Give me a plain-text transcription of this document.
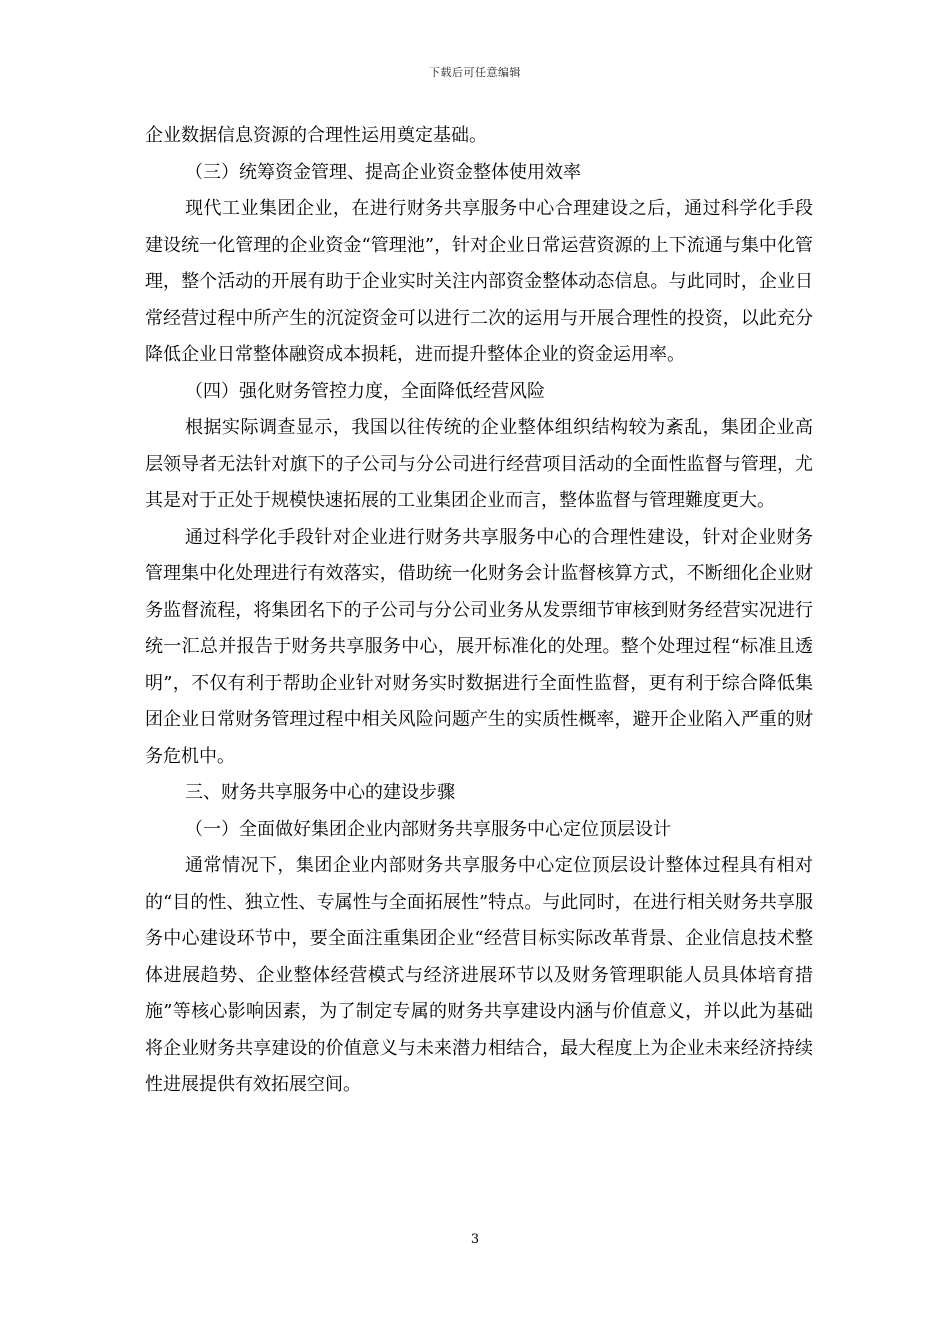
下载后可任意编辑

企业数据信息资源的合理性运用奠定基础。

（三）统筹资金管理、提高企业资金整体使用效率

现代工业集团企业，在进行财务共享服务中心合理建设之后，通过科学化手段建设统一化管理的企业资金“管理池”，针对企业日常运营资源的上下流通与集中化管理，整个活动的开展有助于企业实时关注内部资金整体动态信息。与此同时，企业日常经营过程中所产生的沉淀资金可以进行二次的运用与开展合理性的投资，以此充分降低企业日常整体融资成本损耗，进而提升整体企业的资金运用率。

（四）强化财务管控力度，全面降低经营风险

根据实际调查显示，我国以往传统的企业整体组织结构较为紊乱，集团企业高层领导者无法针对旗下的子公司与分公司进行经营项目活动的全面性监督与管理，尤其是对于正处于规模快速拓展的工业集团企业而言，整体监督与管理難度更大。

通过科学化手段针对企业进行财务共享服务中心的合理性建设，针对企业财务管理集中化处理进行有效落实，借助统一化财务会计监督核算方式，不断细化企业财务监督流程，将集团名下的子公司与分公司业务从发票细节审核到财务经营实况进行统一汇总并报告于财务共享服务中心，展开标准化的处理。整个处理过程“标准且透明”，不仅有利于帮助企业针对财务实时数据进行全面性监督，更有利于综合降低集团企业日常财务管理过程中相关风险问题产生的实质性概率，避开企业陷入严重的财务危机中。

三、财务共享服务中心的建设步骤

（一）全面做好集团企业内部财务共享服务中心定位顶层设计

通常情况下，集团企业内部财务共享服务中心定位顶层设计整体过程具有相对的“目的性、独立性、专属性与全面拓展性”特点。与此同时，在进行相关财务共享服务中心建设环节中，要全面注重集团企业“经营目标实际改革背景、企业信息技术整体进展趋势、企业整体经营模式与经济进展环节以及财务管理职能人员具体培育措施”等核心影响因素，为了制定专属的财务共享建设内涵与价值意义，并以此为基础将企业财务共享建设的价值意义与未来潜力相结合，最大程度上为企业未来经济持续性进展提供有效拓展空间。

3
